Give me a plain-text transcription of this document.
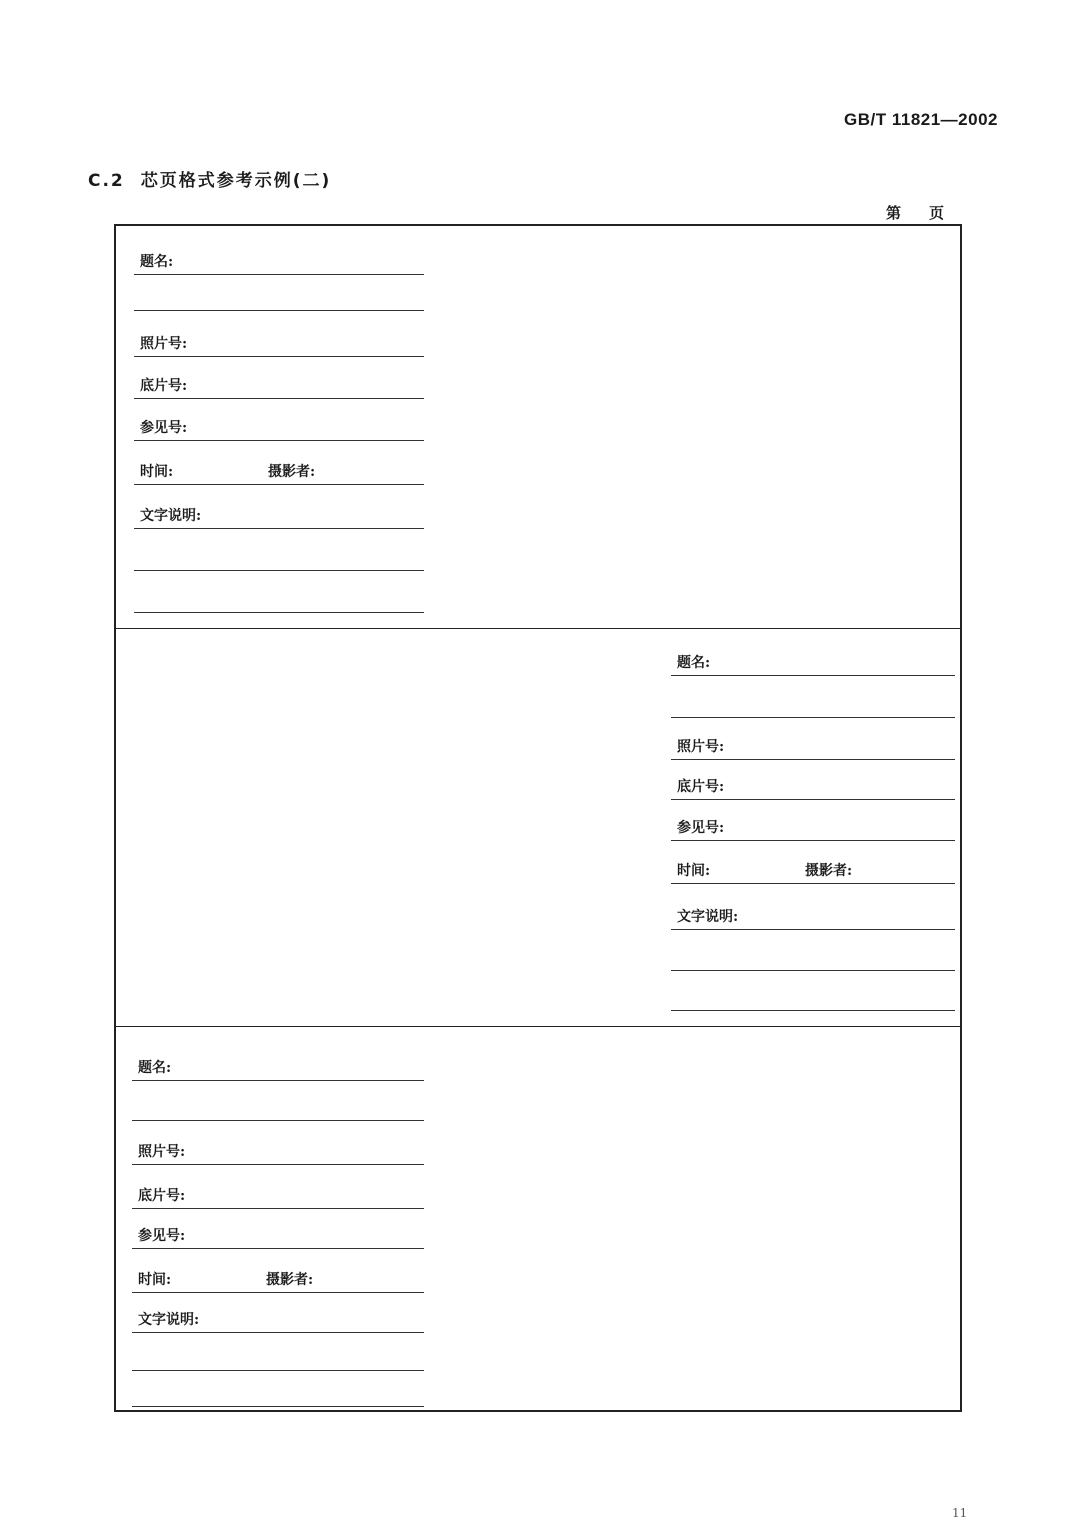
GB/T 11821—2002
C.2 芯页格式参考示例(二)
第 页
题名:
照片号:
底片号:
参见号:
时间:	摄影者:
文字说明:
题名:
照片号:
底片号:
参见号:
时间:	摄影者:
文字说明:
题名:
照片号:
底片号:
参见号:
时间:	摄影者:
文字说明:
11
